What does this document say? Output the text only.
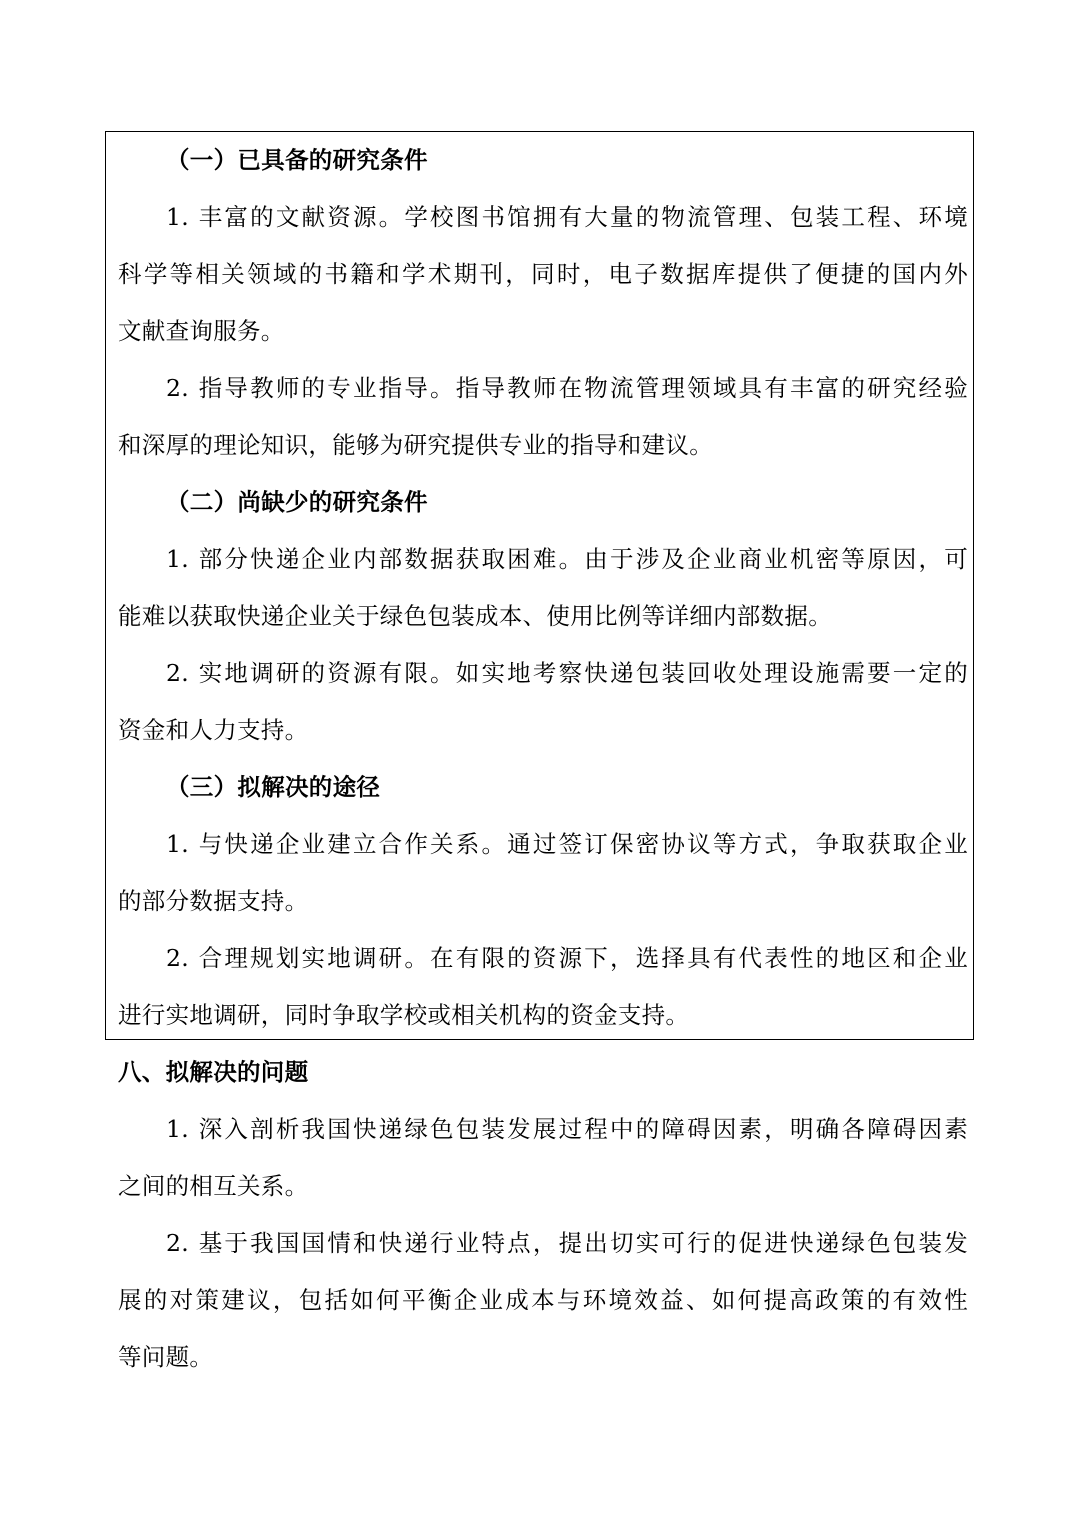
（一）已具备的研究条件

1. 丰富的文献资源。学校图书馆拥有大量的物流管理、包装工程、环境
科学等相关领域的书籍和学术期刊，同时，电子数据库提供了便捷的国内外
文献查询服务。
2. 指导教师的专业指导。指导教师在物流管理领域具有丰富的研究经验
和深厚的理论知识，能够为研究提供专业的指导和建议。

（二）尚缺少的研究条件

1. 部分快递企业内部数据获取困难。由于涉及企业商业机密等原因，可
能难以获取快递企业关于绿色包装成本、使用比例等详细内部数据。
2. 实地调研的资源有限。如实地考察快递包装回收处理设施需要一定的
资金和人力支持。

（三）拟解决的途径

1. 与快递企业建立合作关系。通过签订保密协议等方式，争取获取企业
的部分数据支持。
2. 合理规划实地调研。在有限的资源下，选择具有代表性的地区和企业
进行实地调研，同时争取学校或相关机构的资金支持。

八、拟解决的问题

1. 深入剖析我国快递绿色包装发展过程中的障碍因素，明确各障碍因素
之间的相互关系。
2. 基于我国国情和快递行业特点，提出切实可行的促进快递绿色包装发
展的对策建议，包括如何平衡企业成本与环境效益、如何提高政策的有效性
等问题。
